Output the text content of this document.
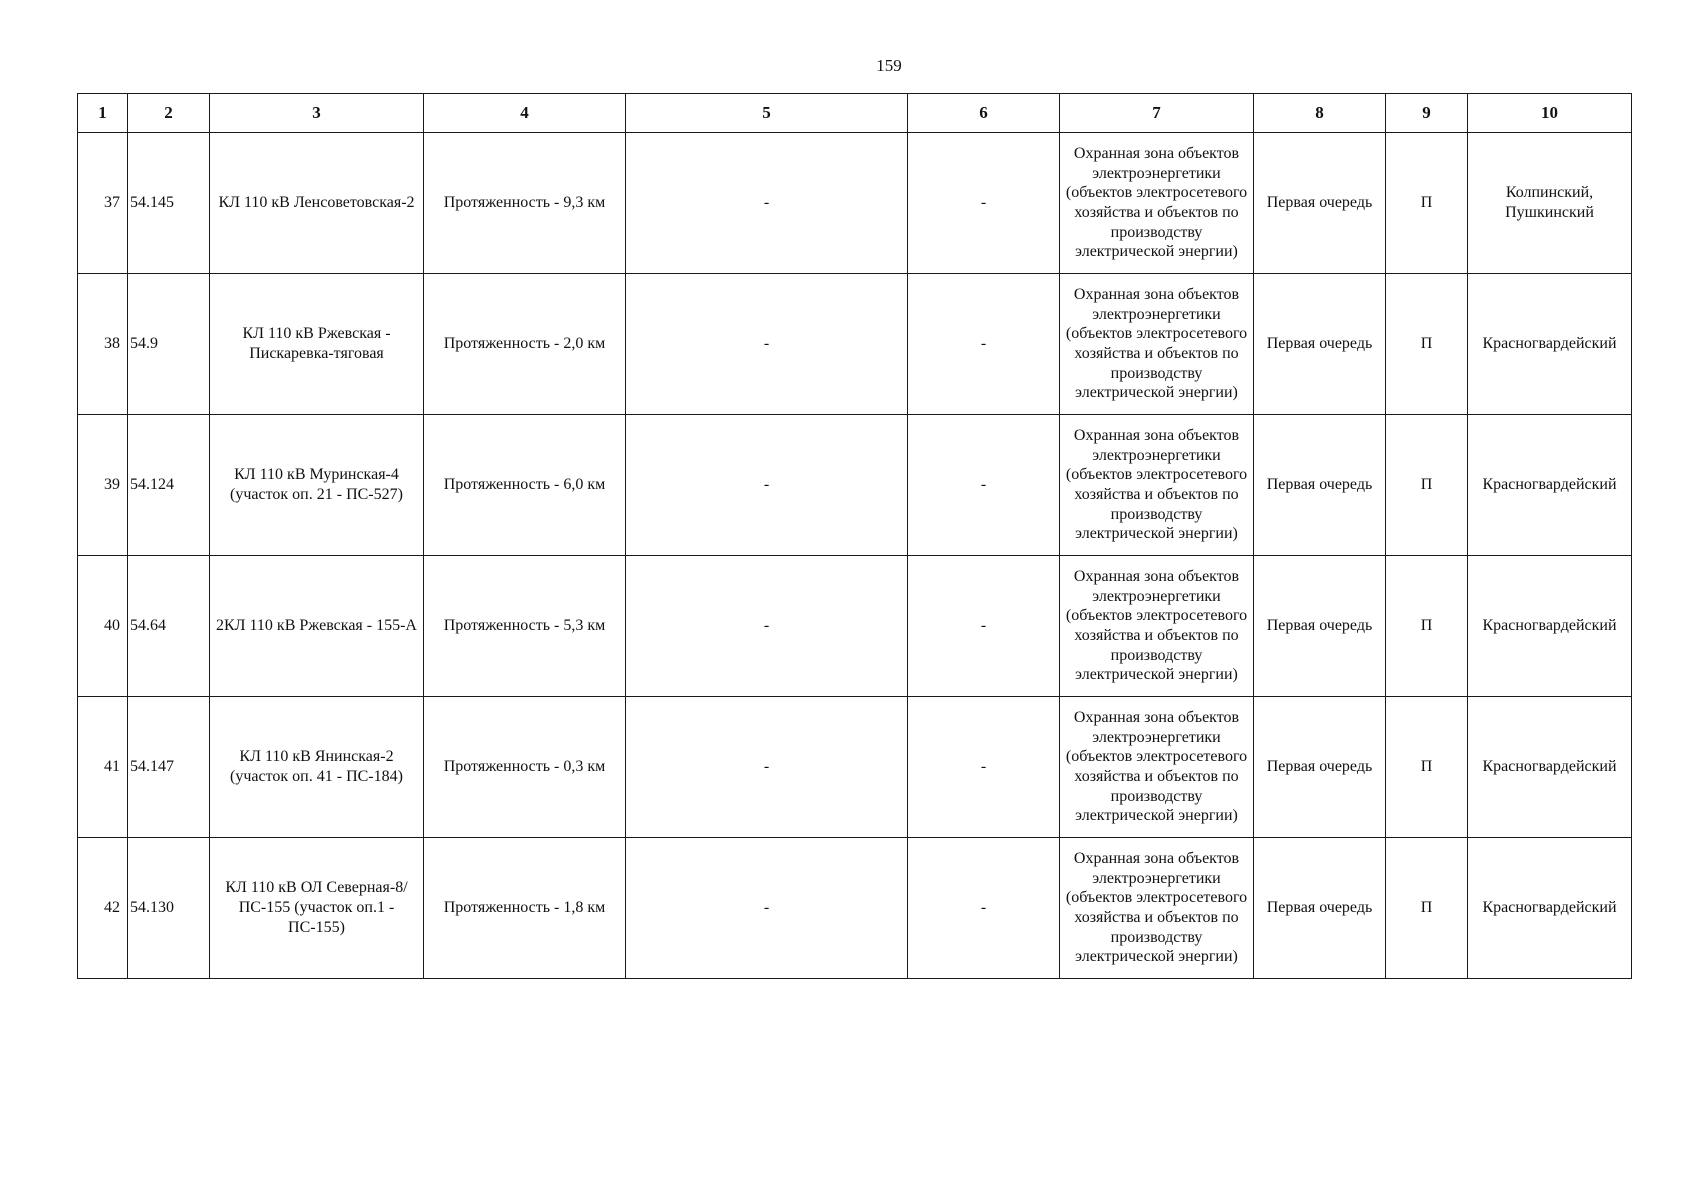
159
1	2	3	4	5	6	7	8	9	10
37	54.145	КЛ 110 кВ Ленсоветовская-2	Протяженность - 9,3 км	-	-	Охранная зона объектов электроэнергетики (объектов электросетевого хозяйства и объектов по производству электрической энергии)	Первая очередь	П	Колпинский, Пушкинский
38	54.9	КЛ 110 кВ Ржевская - Пискаревка-тяговая	Протяженность - 2,0 км	-	-	Охранная зона объектов электроэнергетики (объектов электросетевого хозяйства и объектов по производству электрической энергии)	Первая очередь	П	Красногвардейский
39	54.124	КЛ 110 кВ Муринская-4 (участок оп. 21 - ПС-527)	Протяженность - 6,0 км	-	-	Охранная зона объектов электроэнергетики (объектов электросетевого хозяйства и объектов по производству электрической энергии)	Первая очередь	П	Красногвардейский
40	54.64	2КЛ 110 кВ Ржевская - 155-А	Протяженность - 5,3 км	-	-	Охранная зона объектов электроэнергетики (объектов электросетевого хозяйства и объектов по производству электрической энергии)	Первая очередь	П	Красногвардейский
41	54.147	КЛ 110 кВ Янинская-2 (участок оп. 41 - ПС-184)	Протяженность - 0,3 км	-	-	Охранная зона объектов электроэнергетики (объектов электросетевого хозяйства и объектов по производству электрической энергии)	Первая очередь	П	Красногвардейский
42	54.130	КЛ 110 кВ ОЛ Северная-8/ПС-155 (участок оп.1 - ПС-155)	Протяженность - 1,8 км	-	-	Охранная зона объектов электроэнергетики (объектов электросетевого хозяйства и объектов по производству электрической энергии)	Первая очередь	П	Красногвардейский
